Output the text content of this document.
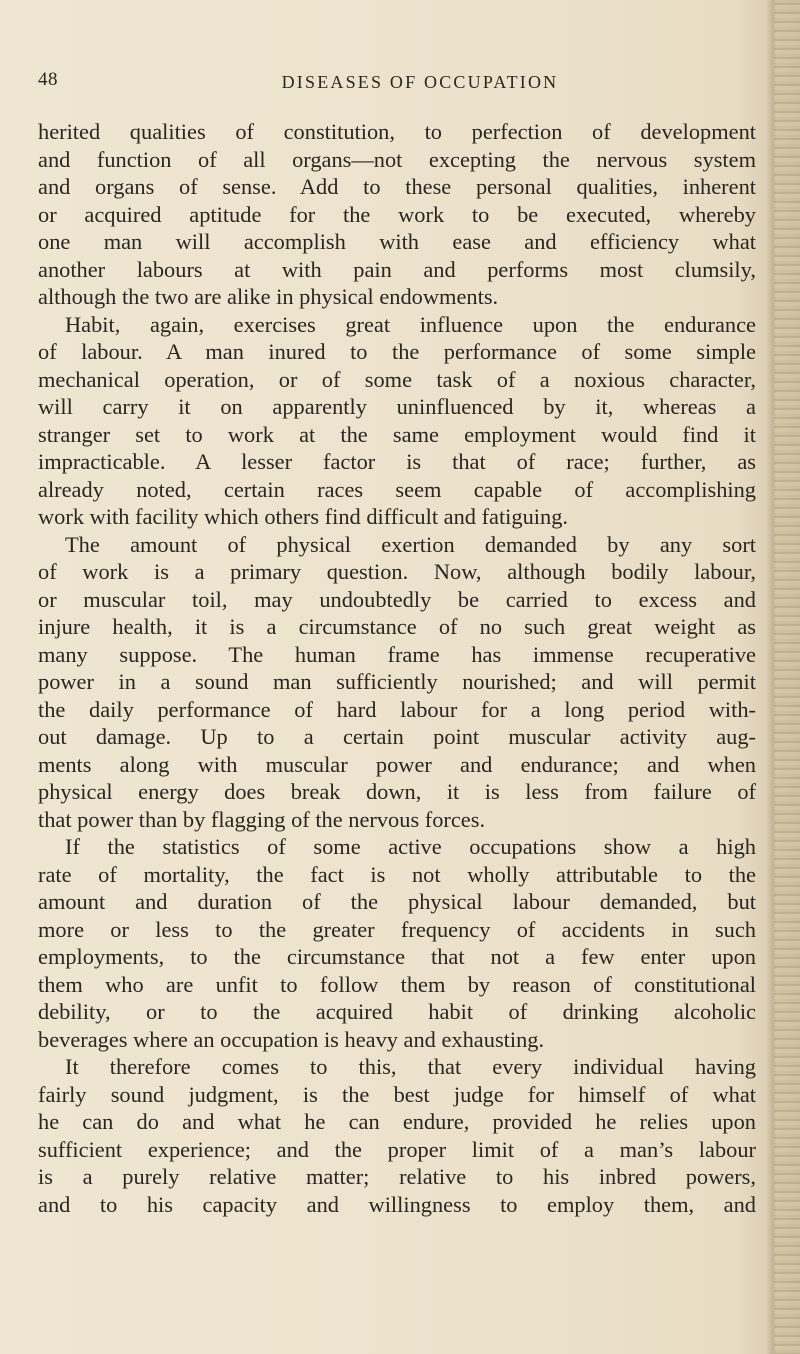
48	DISEASES OF OCCUPATION
herited qualities of constitution, to perfection of development
and function of all organs—not excepting the nervous system
and organs of sense. Add to these personal qualities, inherent
or acquired aptitude for the work to be executed, whereby
one man will accomplish with ease and efficiency what
another labours at with pain and performs most clumsily,
although the two are alike in physical endowments.
Habit, again, exercises great influence upon the endurance
of labour. A man inured to the performance of some simple
mechanical operation, or of some task of a noxious character,
will carry it on apparently uninfluenced by it, whereas a
stranger set to work at the same employment would find it
impracticable. A lesser factor is that of race; further, as
already noted, certain races seem capable of accomplishing
work with facility which others find difficult and fatiguing.
The amount of physical exertion demanded by any sort
of work is a primary question. Now, although bodily labour,
or muscular toil, may undoubtedly be carried to excess and
injure health, it is a circumstance of no such great weight as
many suppose. The human frame has immense recuperative
power in a sound man sufficiently nourished; and will permit
the daily performance of hard labour for a long period with-
out damage. Up to a certain point muscular activity aug-
ments along with muscular power and endurance; and when
physical energy does break down, it is less from failure of
that power than by flagging of the nervous forces.
If the statistics of some active occupations show a high
rate of mortality, the fact is not wholly attributable to the
amount and duration of the physical labour demanded, but
more or less to the greater frequency of accidents in such
employments, to the circumstance that not a few enter upon
them who are unfit to follow them by reason of constitutional
debility, or to the acquired habit of drinking alcoholic
beverages where an occupation is heavy and exhausting.
It therefore comes to this, that every individual having
fairly sound judgment, is the best judge for himself of what
he can do and what he can endure, provided he relies upon
sufficient experience; and the proper limit of a man’s labour
is a purely relative matter; relative to his inbred powers,
and to his capacity and willingness to employ them, and
